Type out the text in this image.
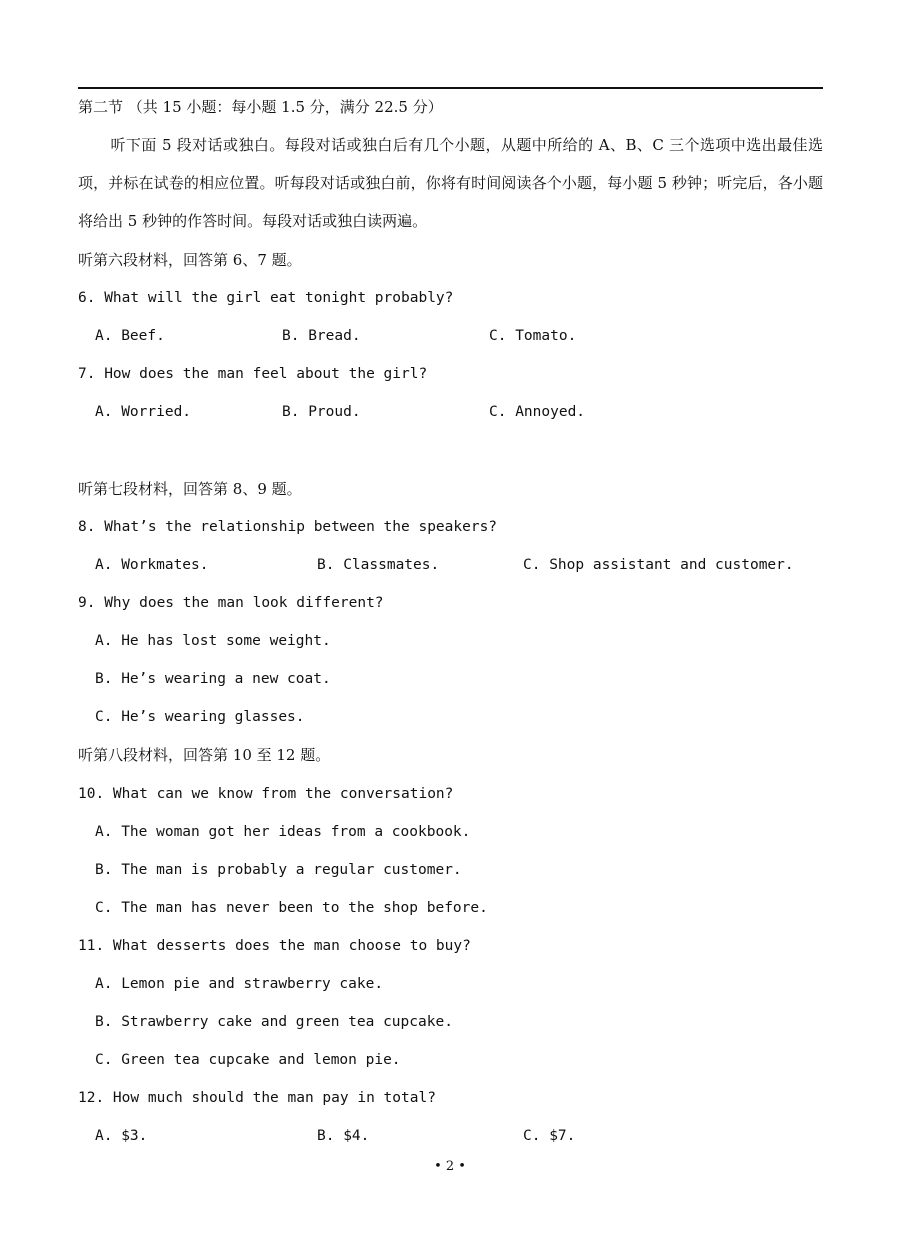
第二节 （共 15 小题：每小题 1.5 分，满分 22.5 分）
听下面 5 段对话或独白。每段对话或独白后有几个小题，从题中所给的 A、B、C 三个选项中选出最佳选项，并标在试卷的相应位置。听每段对话或独白前，你将有时间阅读各个小题，每小题 5 秒钟；听完后，各小题将给出 5 秒钟的作答时间。每段对话或独白读两遍。
听第六段材料，回答第 6、7 题。
6. What will the girl eat tonight probably?
A. Beef.	B. Bread.	C. Tomato.
7. How does the man feel about the girl?
A. Worried.	B. Proud.	C. Annoyed.
听第七段材料，回答第 8、9 题。
8. What’s the relationship between the speakers?
A. Workmates.	B. Classmates.	C. Shop assistant and customer.
9. Why does the man look different?
A. He has lost some weight.
B. He’s wearing a new coat.
C. He’s wearing glasses.
听第八段材料，回答第 10 至 12 题。
10. What can we know from the conversation?
A. The woman got her ideas from a cookbook.
B. The man is probably a regular customer.
C. The man has never been to the shop before.
11. What desserts does the man choose to buy?
A. Lemon pie and strawberry cake.
B. Strawberry cake and green tea cupcake.
C. Green tea cupcake and lemon pie.
12. How much should the man pay in total?
A. $3.	B. $4.	C. $7.
• 2 •
